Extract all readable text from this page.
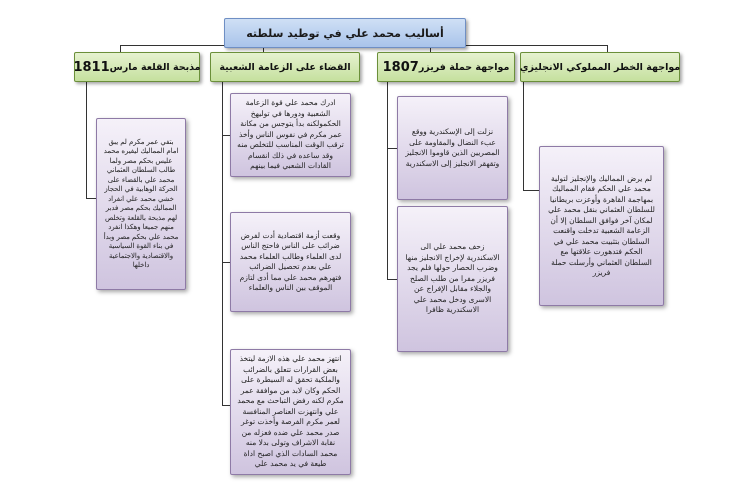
أساليب محمد علي في توطيد سلطته
مواجهة الخطر المملوكي الانجليزي
مواجهة حملة فريزر
1807
القضاء على الزعامة الشعبية
مذبحة القلعة مارس
1811
لم يرض المماليك والإنجليز لتولية محمد علي الحكم فقام المماليك بمهاجمة القاهرة وأوعزت بريطانيا للسلطان العثماني بنقل محمد علي لمكان آخر فوافق السلطان إلا أن الزعامة الشعبية تدخلت واقنعت السلطان بتثبيت محمد علي في الحكم فتدهورت علاقتها مع السلطان العثماني وأرسلت حملة فريزر
نزلت إلى الإسكندرية ووقع عبء النضال والمقاومة على المصريين الذين قاوموا الانجليز وتقهقر الانجليز إلى الاسكندرية
زحف محمد علي الى الاسكندرية لإخراج الانجليز منها وضرب الحصار حولها فلم يجد فريزر مفرا من طلب الصلح والجلاء مقابل الإفراج عن الاسرى ودخل محمد علي الاسكندرية ظافرا
ادرك محمد علي قوة الزعامة الشعبية ودورها في توليهخ الحكمولكنه بدأ يتوجس من مكانة عمر مكرم في نفوس الناس وأخذ ترقب الوقت المناسب للتخلص منه وقد ساعده في ذلك انقسام القادات الشعبي فيما بينهم
وقعت أزمة اقتصادية أدت لفرض ضرائب على الناس فاحتج الناس لدى العلماء وطالب العلماء محمد علي بعدم تحصيل الضرائب فتهرهم محمد علي مما أدى لتازم الموقف بين الناس والعلماء
انتهز محمد علي هذه الازمة ليتخذ بعض القرارات تتعلق بالضرائب والملكية تحقق له السيطرة على الحكم وكان لابد من موافقة عمر مكرم لكنه رفض التباحث مع محمد علي وانتهزت العناصر المنافسة لعمر مكرم الفرصة وأخذت توغر صدر محمد علي ضده فعزله من نقابة الاشراف وتولى بدلا منه محمد السادات الذي اصبح اداة طيعة في يد محمد علي
بتفي عمر مكرم لم يبق امام المماليك ليفيره محمد عليس بحكم مصر ولما طالب السلطان العثماني محمد علي بالقضاء على الحركة الوهابية في الحجاز خشي محمد علي انفراد المماليك بحكم مصر فدبر لهم مذبحة بالقلعة وتخلص منهم جميعا وهكذا انفرد محمد علي بحكم مصر وبدأ في بناء القوة السياسية والاقتصادية والاجتماعية داخلها
